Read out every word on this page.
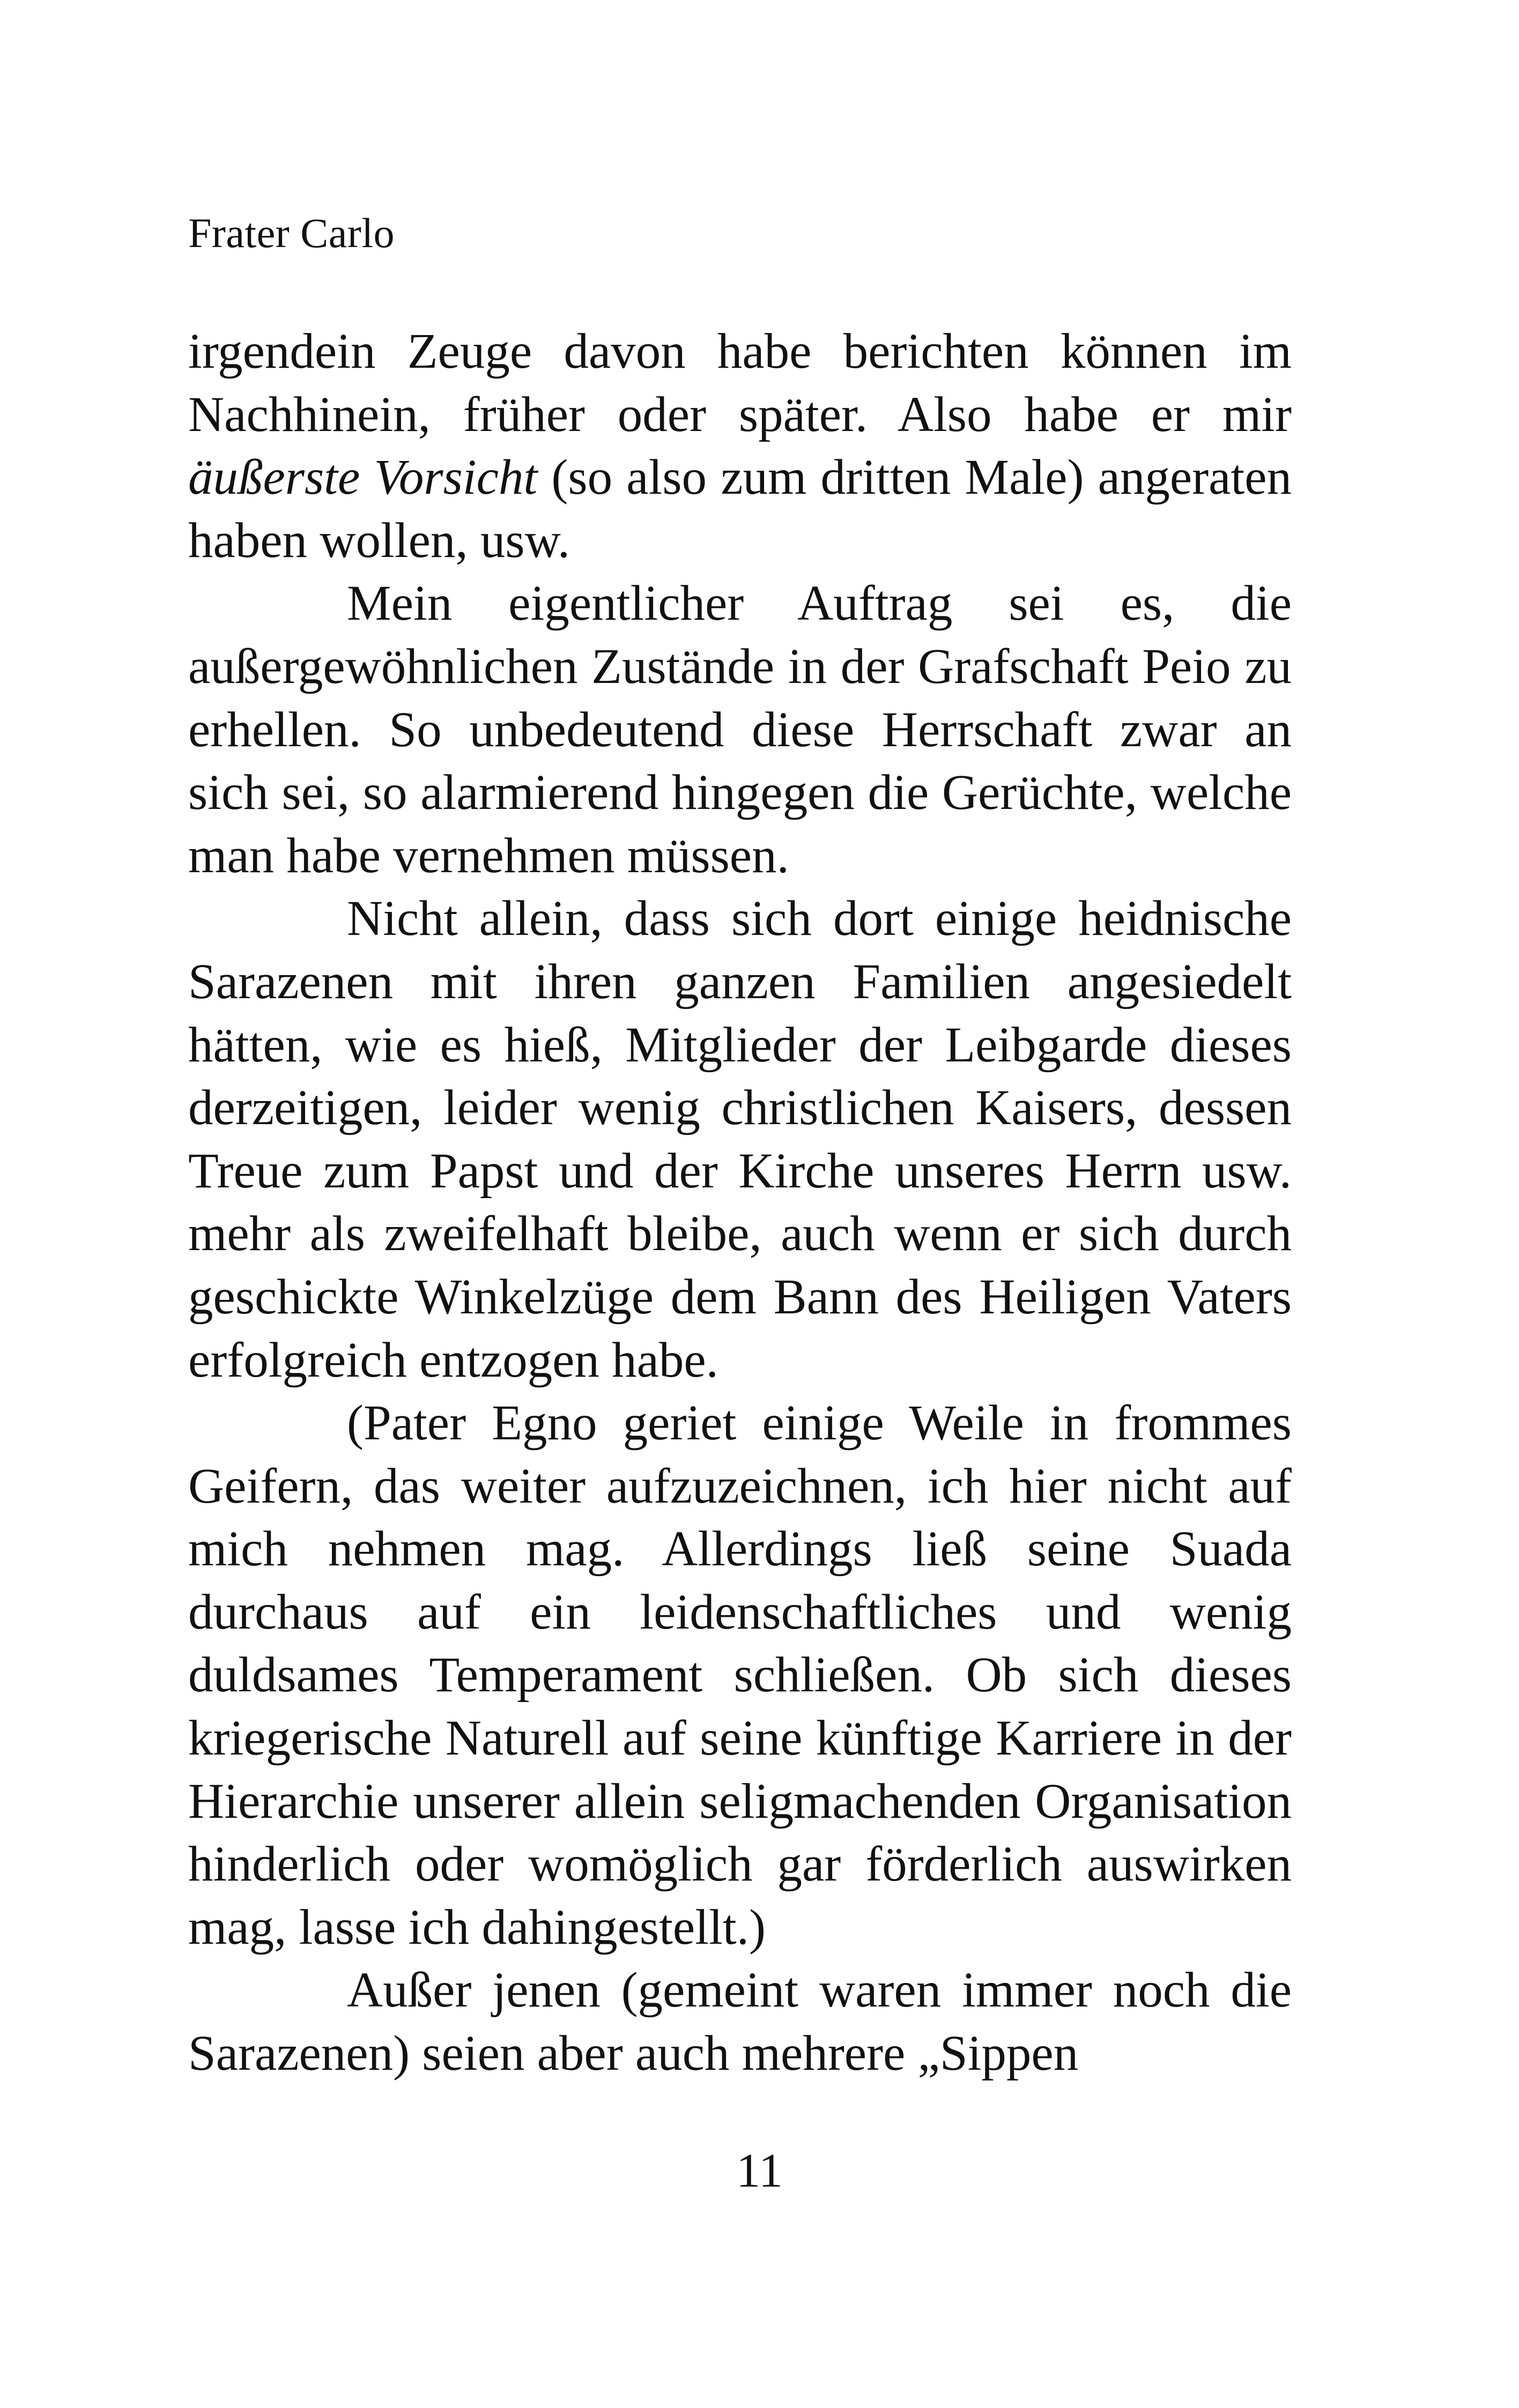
Frater Carlo

irgendein Zeuge davon habe berichten können im Nachhinein, früher oder später. Also habe er mir äußerste Vorsicht (so also zum dritten Male) angeraten haben wollen, usw.

Mein eigentlicher Auftrag sei es, die außergewöhnlichen Zustände in der Grafschaft Peio zu erhellen. So unbedeutend diese Herrschaft zwar an sich sei, so alarmierend hingegen die Gerüchte, welche man habe vernehmen müssen.

Nicht allein, dass sich dort einige heidnische Sarazenen mit ihren ganzen Familien angesiedelt hätten, wie es hieß, Mitglieder der Leibgarde dieses derzeitigen, leider wenig christlichen Kaisers, dessen Treue zum Papst und der Kirche unseres Herrn usw. mehr als zweifelhaft bleibe, auch wenn er sich durch geschickte Winkelzüge dem Bann des Heiligen Vaters erfolgreich entzogen habe.

(Pater Egno geriet einige Weile in frommes Geifern, das weiter aufzuzeichnen, ich hier nicht auf mich nehmen mag. Allerdings ließ seine Suada durchaus auf ein leidenschaftliches und wenig duldsames Temperament schließen. Ob sich dieses kriegerische Naturell auf seine künftige Karriere in der Hierarchie unserer allein seligmachenden Organisation hinderlich oder womöglich gar förderlich auswirken mag, lasse ich dahingestellt.)

Außer jenen (gemeint waren immer noch die Sarazenen) seien aber auch mehrere „Sippen

11
